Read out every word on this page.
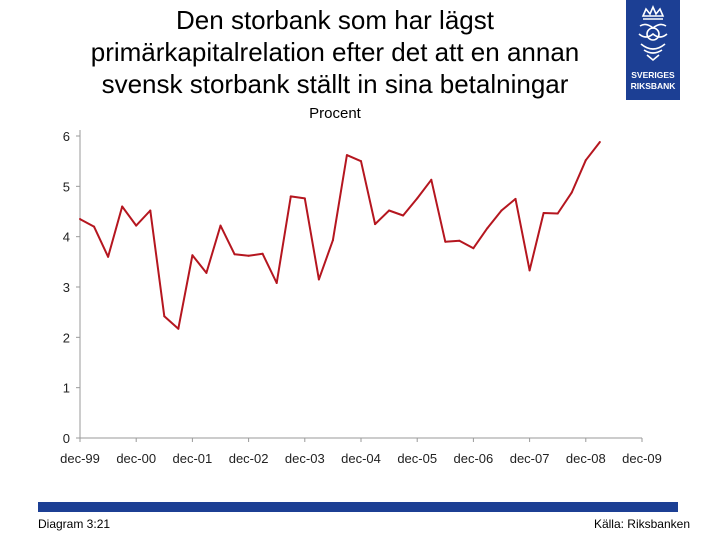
Den storbank som har lägst
primärkapitalrelation efter det att en annan
svensk storbank ställt in sina betalningar	SVERIGES
RIKSBANK
Procent
0
1
2
3
4
5
6
dec-99 dec-00 dec-01 dec-02 dec-03 dec-04 dec-05 dec-06 dec-07 dec-08 dec-09
Diagram 3:21	Källa: Riksbanken
